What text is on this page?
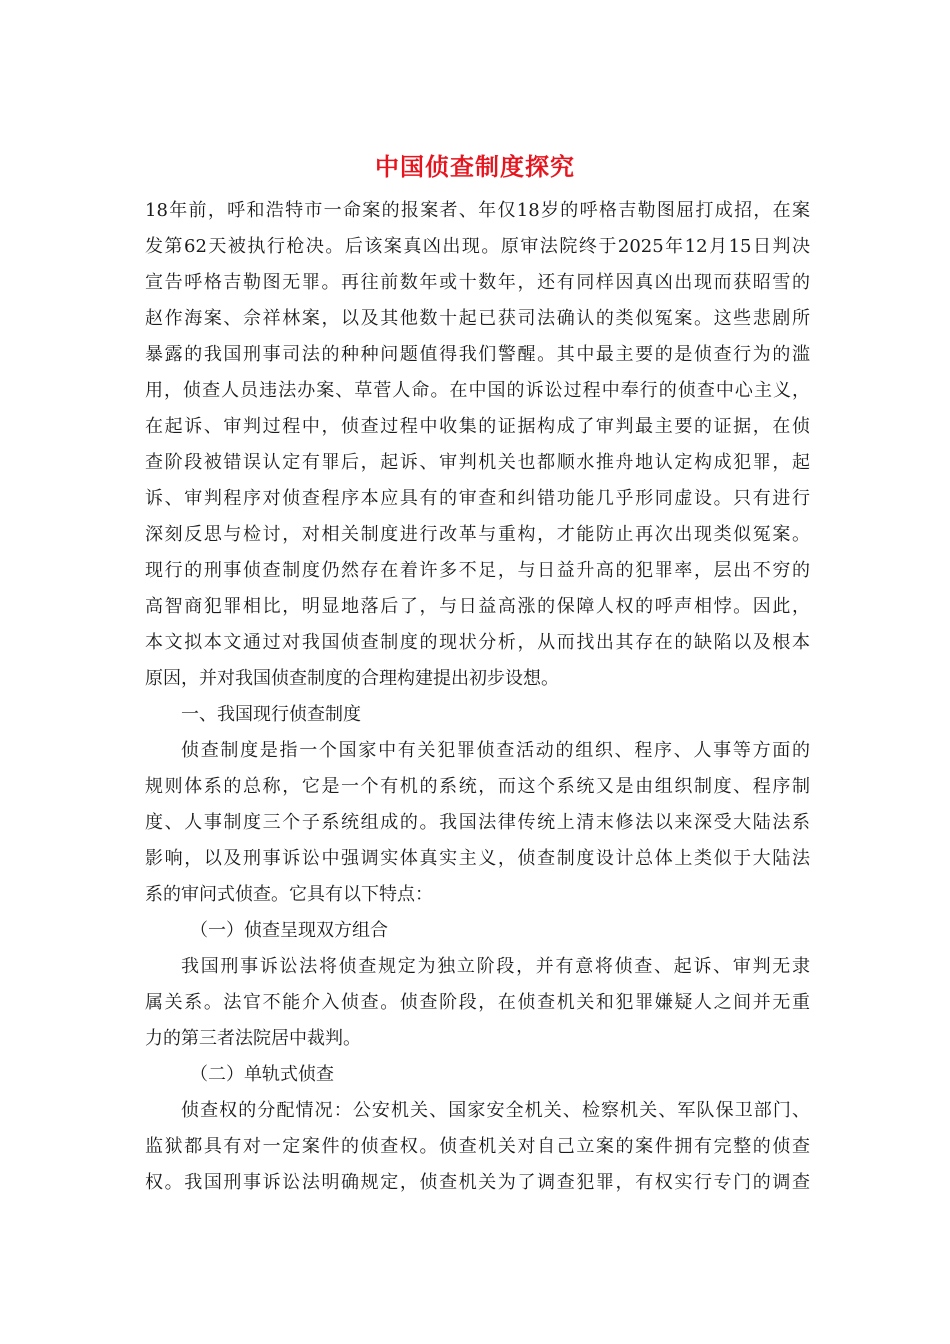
中国侦查制度探究
18年前，呼和浩特市一命案的报案者、年仅18岁的呼格吉勒图屈打成招，在案
发第62天被执行枪决。后该案真凶出现。原审法院终于2025年12月15日判决
宣告呼格吉勒图无罪。再往前数年或十数年，还有同样因真凶出现而获昭雪的
赵作海案、佘祥林案，以及其他数十起已获司法确认的类似冤案。这些悲剧所
暴露的我国刑事司法的种种问题值得我们警醒。其中最主要的是侦查行为的滥
用，侦查人员违法办案、草菅人命。在中国的诉讼过程中奉行的侦查中心主义，
在起诉、审判过程中，侦查过程中收集的证据构成了审判最主要的证据，在侦
查阶段被错误认定有罪后，起诉、审判机关也都顺水推舟地认定构成犯罪，起
诉、审判程序对侦查程序本应具有的审查和纠错功能几乎形同虚设。只有进行
深刻反思与检讨，对相关制度进行改革与重构，才能防止再次出现类似冤案。
现行的刑事侦查制度仍然存在着许多不足，与日益升高的犯罪率，层出不穷的
高智商犯罪相比，明显地落后了，与日益高涨的保障人权的呼声相悖。因此，
本文拟本文通过对我国侦查制度的现状分析，从而找出其存在的缺陷以及根本
原因，并对我国侦查制度的合理构建提出初步设想。
一、我国现行侦查制度
侦查制度是指一个国家中有关犯罪侦查活动的组织、程序、人事等方面的
规则体系的总称，它是一个有机的系统，而这个系统又是由组织制度、程序制
度、人事制度三个子系统组成的。我国法律传统上清末修法以来深受大陆法系
影响，以及刑事诉讼中强调实体真实主义，侦查制度设计总体上类似于大陆法
系的审问式侦查。它具有以下特点：
（一）侦查呈现双方组合
我国刑事诉讼法将侦查规定为独立阶段，并有意将侦查、起诉、审判无隶
属关系。法官不能介入侦查。侦查阶段，在侦查机关和犯罪嫌疑人之间并无重
力的第三者法院居中裁判。
（二）单轨式侦查
侦查权的分配情况：公安机关、国家安全机关、检察机关、军队保卫部门、
监狱都具有对一定案件的侦查权。侦查机关对自己立案的案件拥有完整的侦查
权。我国刑事诉讼法明确规定，侦查机关为了调查犯罪，有权实行专门的调查
